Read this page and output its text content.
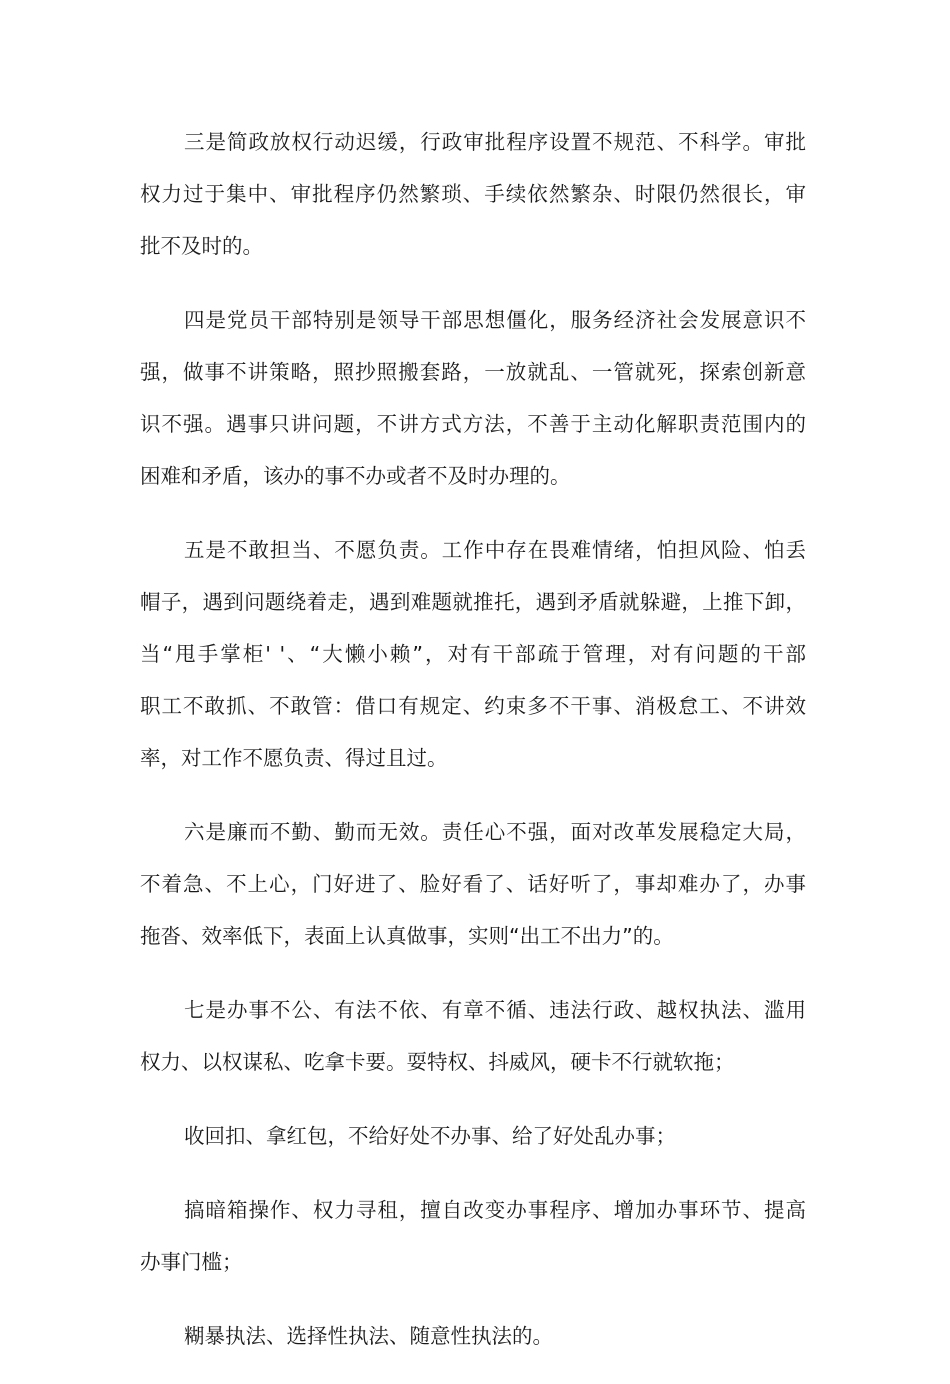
三是简政放权行动迟缓，行政审批程序设置不规范、不科学。审批
权力过于集中、审批程序仍然繁琐、手续依然繁杂、时限仍然很长，审
批不及时的。
四是党员干部特别是领导干部思想僵化，服务经济社会发展意识不
强，做事不讲策略，照抄照搬套路，一放就乱、一管就死，探索创新意
识不强。遇事只讲问题，不讲方式方法，不善于主动化解职责范围内的
困难和矛盾，该办的事不办或者不及时办理的。
五是不敢担当、不愿负责。工作中存在畏难情绪，怕担风险、怕丢
帽子，遇到问题绕着走，遇到难题就推托，遇到矛盾就躲避，上推下卸，
当“甩手掌柜' '、“大懒小赖”，对有干部疏于管理，对有问题的干部
职工不敢抓、不敢管：借口有规定、约束多不干事、消极怠工、不讲效
率，对工作不愿负责、得过且过。
六是廉而不勤、勤而无效。责任心不强，面对改革发展稳定大局，
不着急、不上心，门好进了、脸好看了、话好听了，事却难办了，办事
拖沓、效率低下，表面上认真做事，实则“出工不出力”的。
七是办事不公、有法不依、有章不循、违法行政、越权执法、滥用
权力、以权谋私、吃拿卡要。耍特权、抖威风，硬卡不行就软拖；
收回扣、拿红包，不给好处不办事、给了好处乱办事；
搞暗箱操作、权力寻租，擅自改变办事程序、增加办事环节、提高
办事门槛；
糊暴执法、选择性执法、随意性执法的。
